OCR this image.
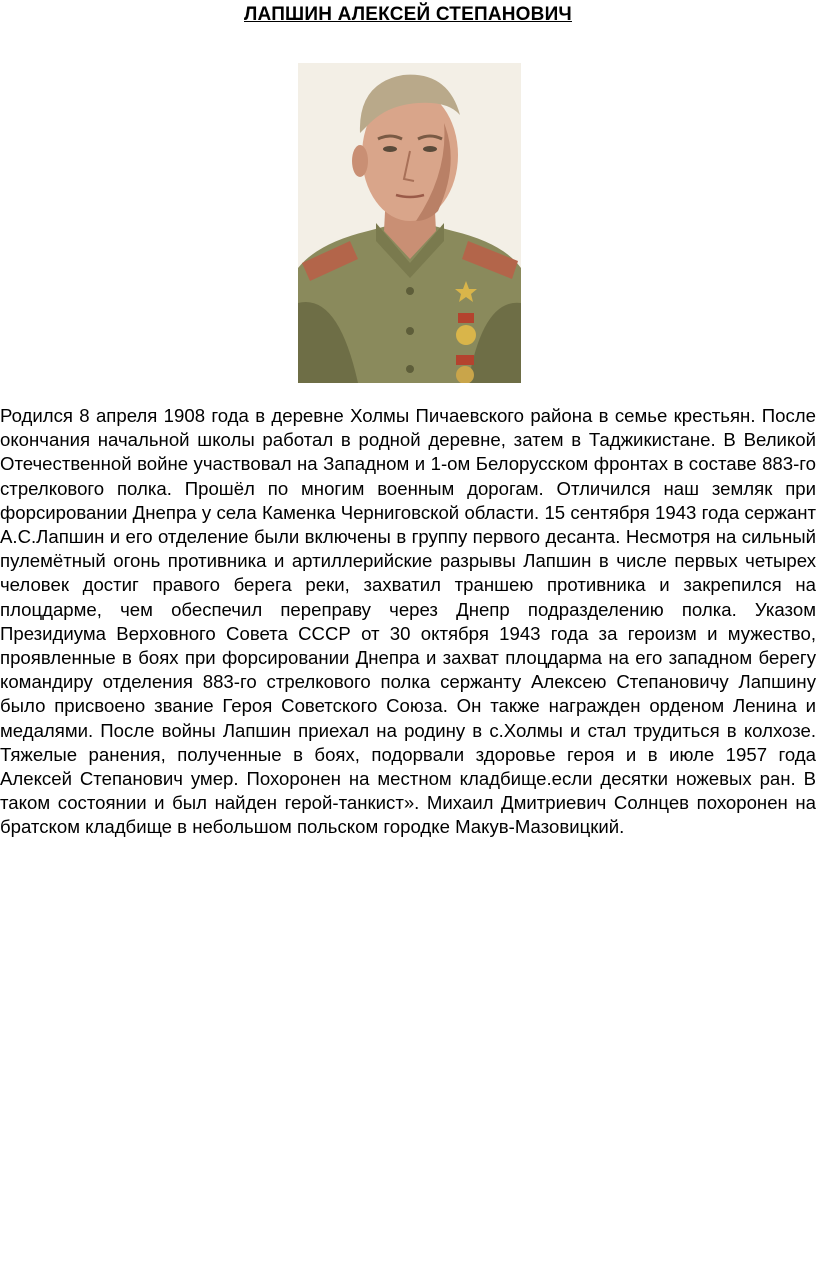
ЛАПШИН АЛЕКСЕЙ СТЕПАНОВИЧ

Родился 8 апреля 1908 года в деревне Холмы Пичаевского района в семье крестьян. После окончания начальной школы работал в родной деревне, затем в Таджикистане. В Великой Отечественной войне участвовал на Западном и 1-ом Белорусском фронтах в составе 883-го стрелкового полка. Прошёл по многим военным дорогам. Отличился наш земляк при форсировании Днепра у села Каменка Черниговской области. 15 сентября 1943 года сержант А.С.Лапшин и его отделение были включены в группу первого десанта. Несмотря на сильный пулемётный огонь противника и артиллерийские разрывы Лапшин в числе первых четырех человек достиг правого берега реки, захватил траншею противника и закрепился на плоцдарме, чем обеспечил переправу через Днепр подразделению полка. Указом Президиума Верховного Совета СССР от 30 октября 1943 года за героизм и мужество, проявленные в боях при форсировании Днепра и захват плоцдарма на его западном берегу командиру отделения 883-го стрелкового полка сержанту Алексею Степановичу Лапшину было присвоено звание Героя Советского Союза. Он также награжден орденом Ленина и медалями. После войны Лапшин приехал на родину в с.Холмы и стал трудиться в колхозе. Тяжелые ранения, полученные в боях, подорвали здоровье героя и в июле 1957 года Алексей Степанович умер. Похоронен на местном кладбище.если десятки ножевых ран. В таком состоянии и был найден герой-танкист». Михаил Дмитриевич Солнцев похоронен на братском кладбище в небольшом польском городке Макув-Мазовицкий.
